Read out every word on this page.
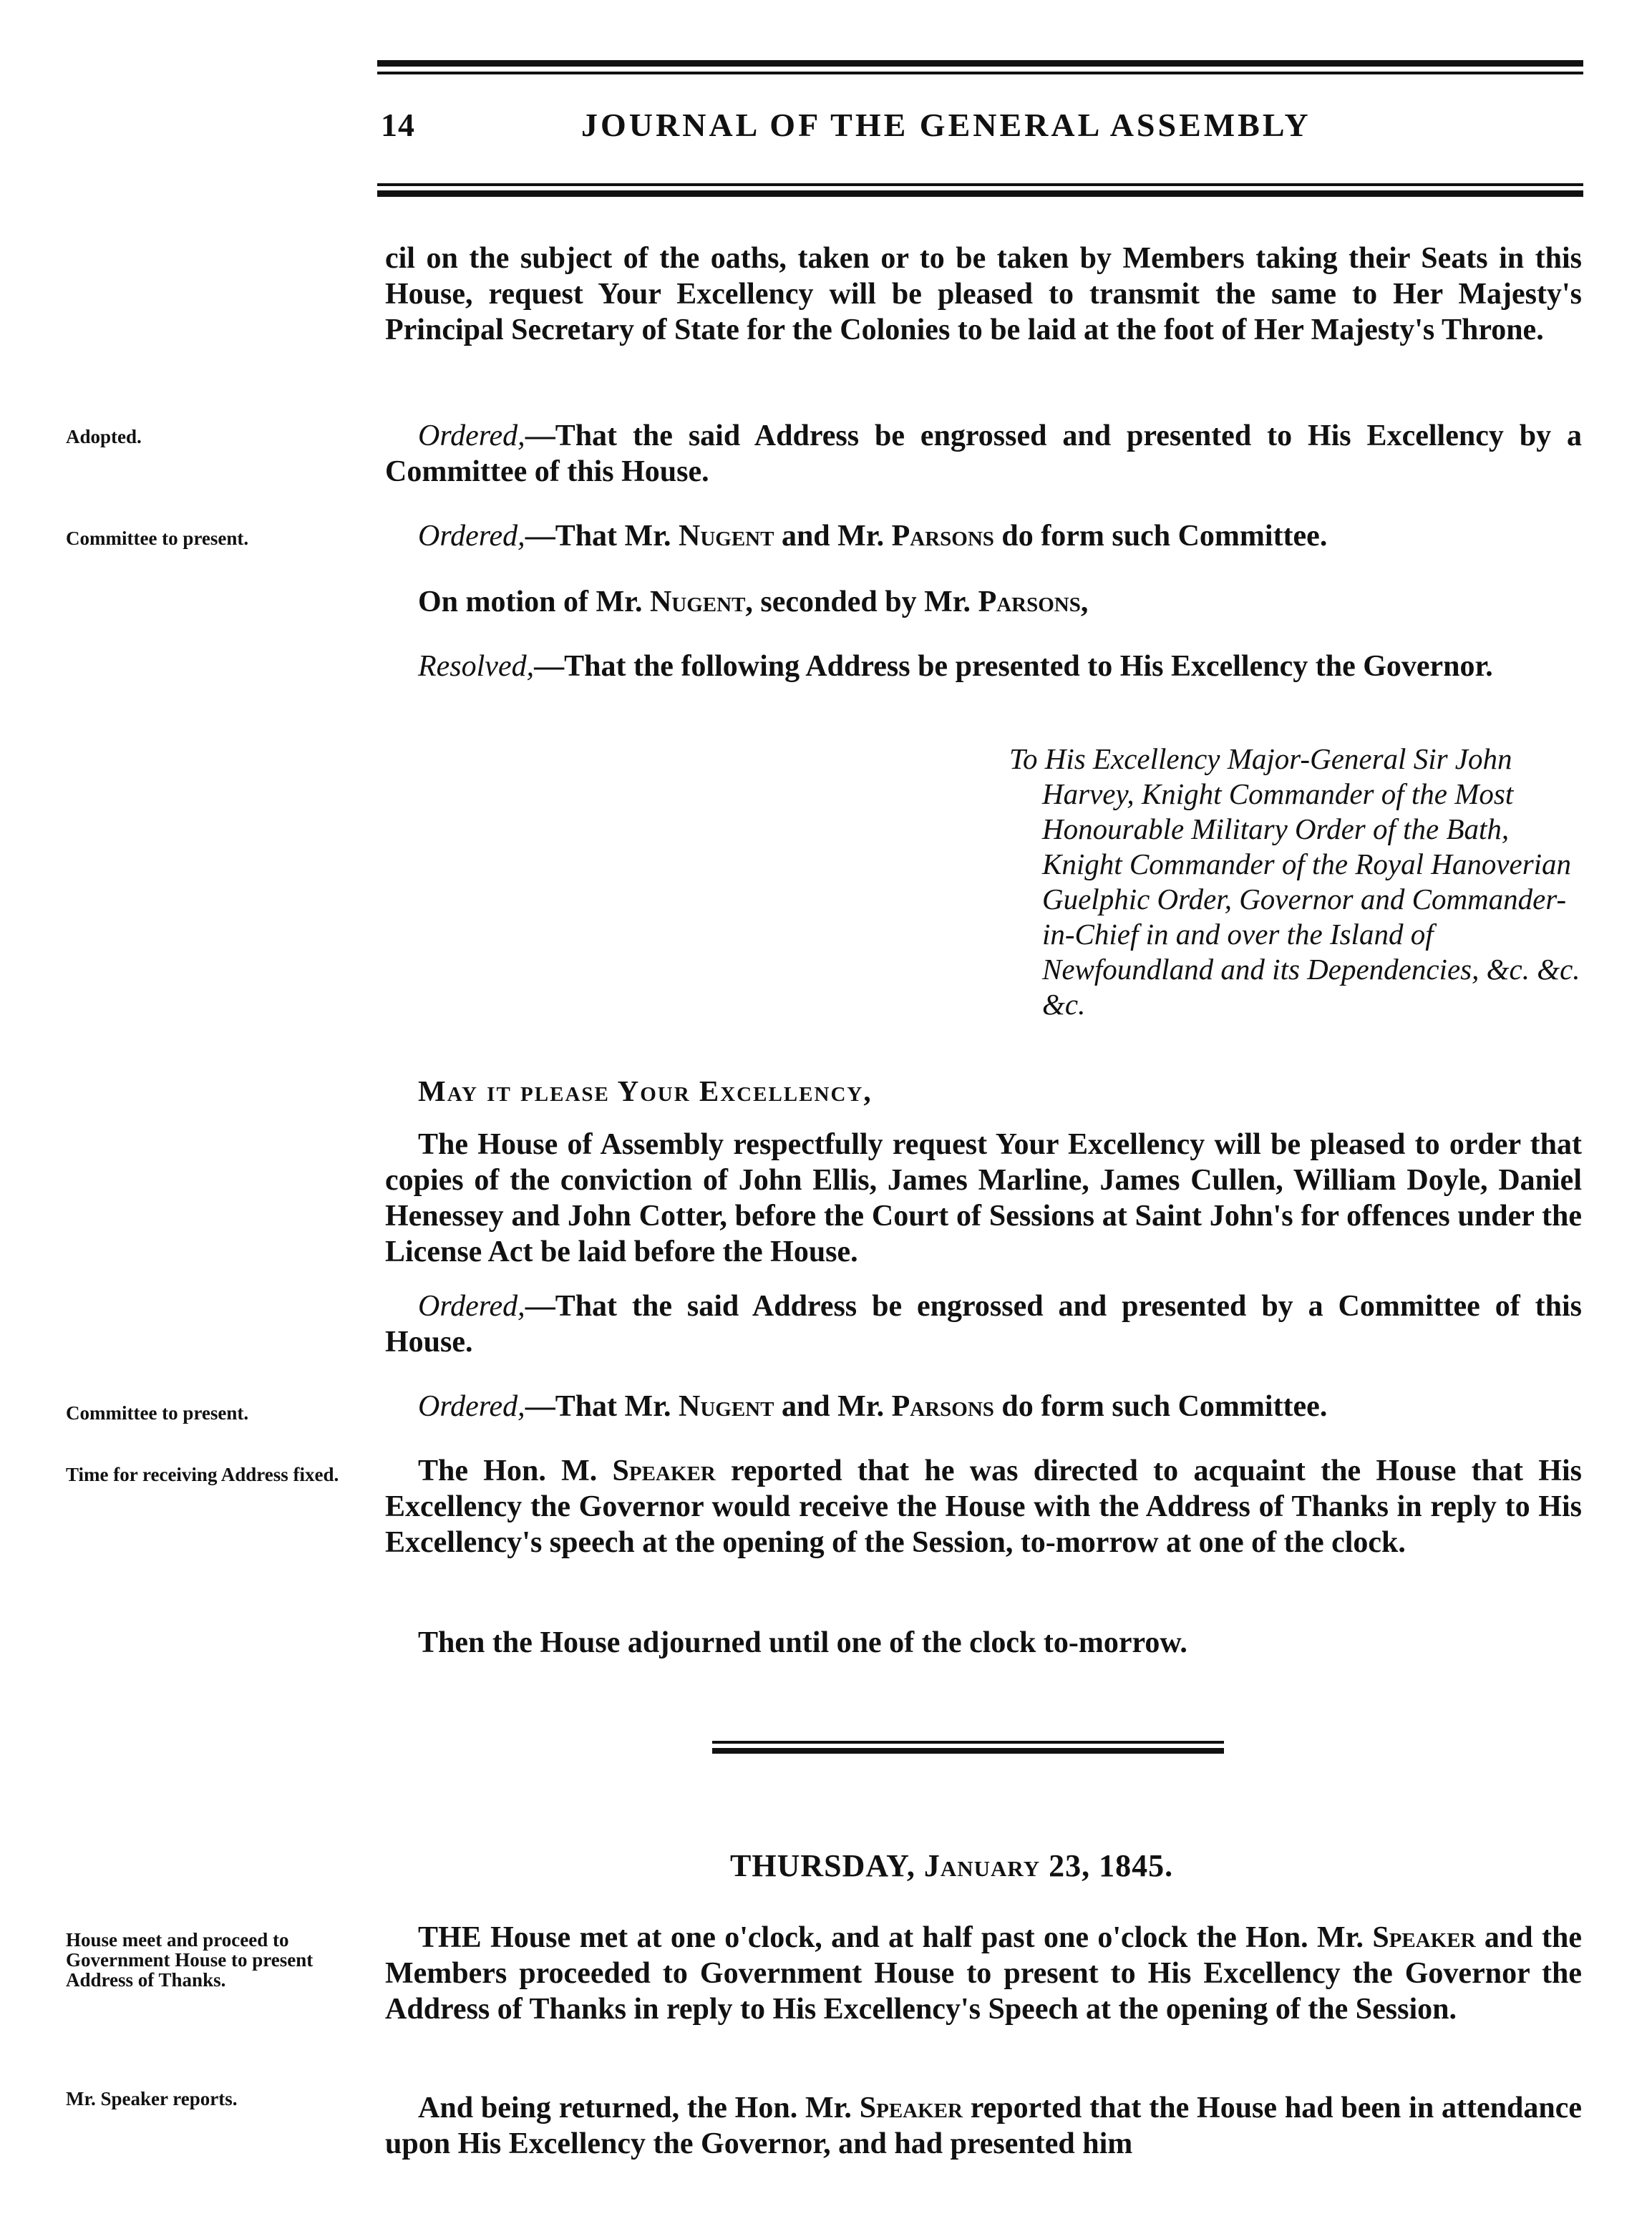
14	JOURNAL OF THE GENERAL ASSEMBLY

cil on the subject of the oaths, taken or to be taken by Members taking their Seats in this House, request Your Excellency will be pleased to transmit the same to Her Majesty's Principal Secretary of State for the Colonies to be laid at the foot of Her Majesty's Throne.

Adopted.	Ordered,—That the said Address be engrossed and presented to His Excellency by a Committee of this House.

Committee to present.	Ordered,—That Mr. Nugent and Mr. Parsons do form such Committee.

On motion of Mr. Nugent, seconded by Mr. Parsons,

Resolved,—That the following Address be presented to His Excellency the Governor.

To His Excellency Major-General Sir John Harvey, Knight Commander of the Most Honourable Military Order of the Bath, Knight Commander of the Royal Hanoverian Guelphic Order, Governor and Commander-in-Chief in and over the Island of Newfoundland and its Dependencies, &c. &c. &c.
May it please Your Excellency,

The House of Assembly respectfully request Your Excellency will be pleased to order that copies of the conviction of John Ellis, James Marline, James Cullen, William Doyle, Daniel Henessey and John Cotter, before the Court of Sessions at Saint John's for offences under the License Act be laid before the House.

Ordered,—That the said Address be engrossed and presented by a Committee of this House.

Committee to present.	Ordered,—That Mr. Nugent and Mr. Parsons do form such Committee.

Time for receiving Address fixed.	The Hon. M. Speaker reported that he was directed to acquaint the House that His Excellency the Governor would receive the House with the Address of Thanks in reply to His Excellency's speech at the opening of the Session, to-morrow at one of the clock.

Then the House adjourned until one of the clock to-morrow.

THURSDAY, January 23, 1845.
House meet and proceed to Government House to present Address of Thanks.

THE House met at one o'clock, and at half past one o'clock the Hon. Mr. Speaker and the Members proceeded to Government House to present to His Excellency the Governor the Address of Thanks in reply to His Excellency's Speech at the opening of the Session.

Mr. Speaker reports.	And being returned, the Hon. Mr. Speaker reported that the House had been in attendance upon His Excellency the Governor, and had presented him
